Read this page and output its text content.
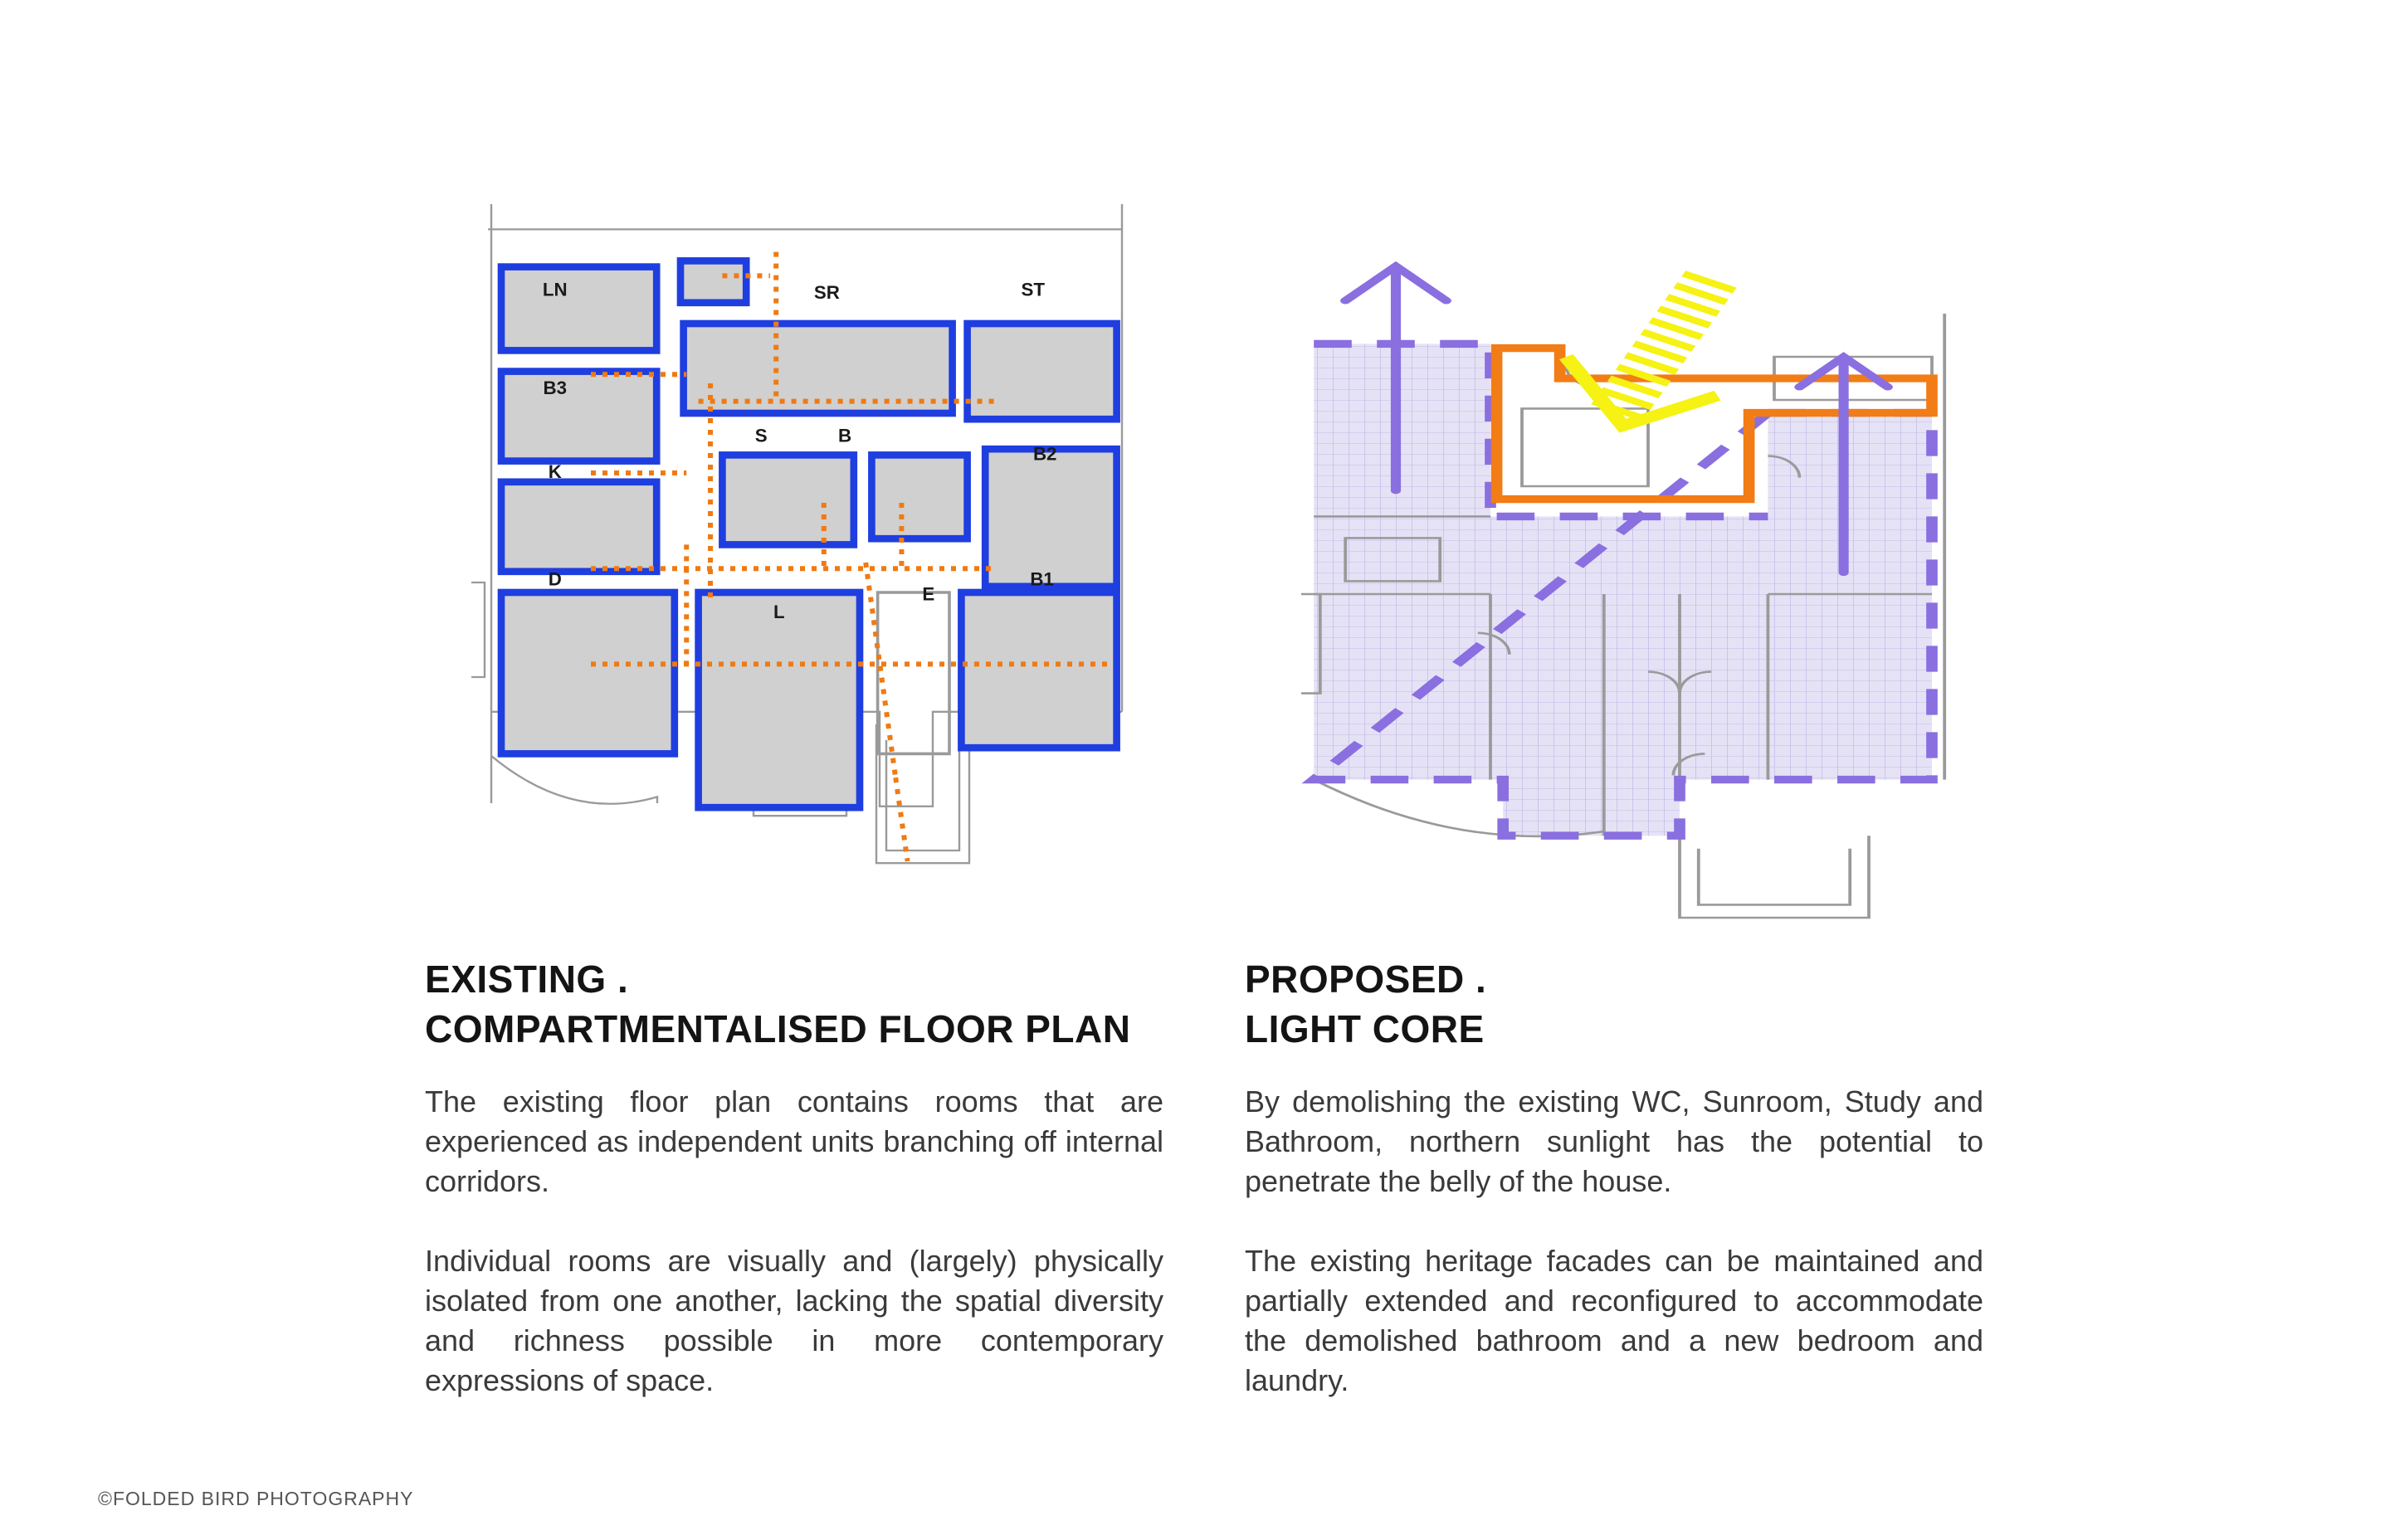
LN	SR	ST
B3
S	B
B2
K
D
L
E
B1
EXISTING .
COMPARTMENTALISED FLOOR PLAN

The existing floor plan contains rooms that are experienced as independent units branching off internal corridors.

Individual rooms are visually and (largely) physically isolated from one another, lacking the spatial diversity and richness possible in more contemporary expressions of space.

PROPOSED .
LIGHT CORE

By demolishing the existing WC, Sunroom, Study and Bathroom, northern sunlight has the potential to penetrate the belly of the house.

The existing heritage facades can be maintained and partially extended and reconfigured to accommodate the demolished bathroom and a new bedroom and laundry.

©FOLDED BIRD PHOTOGRAPHY
